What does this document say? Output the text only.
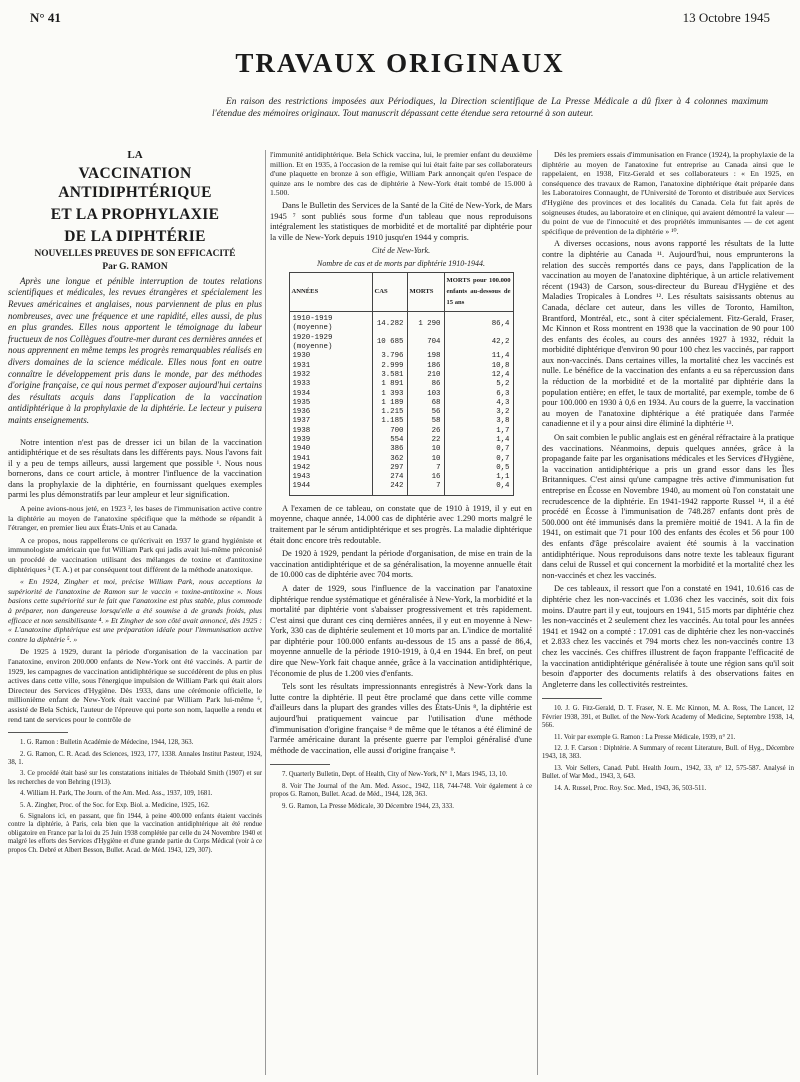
N° 41	13 Octobre 1945
TRAVAUX ORIGINAUX

En raison des restrictions imposées aux Périodiques, la Direction scientifique de La Presse Médicale a dû fixer à 4 colonnes maximum l'étendue des mémoires originaux. Tout manuscrit dépassant cette étendue sera retourné à son auteur.

LA

VACCINATION ANTIDIPHTÉRIQUE

ET LA PROPHYLAXIE

DE LA DIPHTÉRIE

NOUVELLES PREUVES DE SON EFFICACITÉ

Par G. RAMON

Après une longue et pénible interruption de toutes relations scientifiques et médicales, les revues étrangères et spécialement les Revues américaines et anglaises, nous parviennent de plus en plus nombreuses, avec une fréquence et une rapidité, elles aussi, de plus en plus grandes. Elles nous apportent le témoignage du labeur fructueux de nos Collègues d'outre-mer durant ces dernières années et nous apprennent en même temps les progrès remarquables réalisés en divers domaines de la science médicale. Elles nous font en outre connaître le développement pris dans le monde, par des méthodes d'origine française, ce qui nous permet d'exposer aujourd'hui certains des résultats acquis dans l'application de la vaccination antidiphtérique à la prophylaxie de la diphtérie. Le lecteur y puisera maints enseignements.

Notre intention n'est pas de dresser ici un bilan de la vaccination antidiphtérique et de ses résultats dans les différents pays. Nous l'avons fait il y a peu de temps ailleurs, aussi largement que possible ¹. Nous nous bornerons, dans ce court article, à montrer l'influence de la vaccination dans la prophylaxie de la diphtérie, en fournissant quelques exemples parmi les plus démonstratifs par leur ampleur et leur signification.

A peine avions-nous jeté, en 1923 ², les bases de l'immunisation active contre la diphtérie au moyen de l'anatoxine spécifique que la méthode se répandit à l'étranger, en premier lieu aux États-Unis et au Canada.

A ce propos, nous rappellerons ce qu'écrivait en 1937 le grand hygiéniste et immunologiste américain que fut William Park qui jadis avait lui-même préconisé un procédé de vaccination utilisant des mélanges de toxine et d'antitoxine diphtériques ³ (T. A.) et par conséquent tout différent de la méthode anatoxique.

« En 1924, Zingher et moi, précise William Park, nous acceptions la supériorité de l'anatoxine de Ramon sur le vaccin « toxine-antitoxine ». Nous basions cette supériorité sur le fait que l'anatoxine est plus stable, plus commode à préparer, non dangereuse lorsqu'elle a été soumise à de grands froids, plus efficace et non sensibilisante ⁴. » Et Zingher de son côté avait annoncé, dès 1925 : « L'anatoxine diphtérique est une préparation idéale pour l'immunisation active contre la diphtérie ⁵. »

De 1925 à 1929, durant la période d'organisation de la vaccination par l'anatoxine, environ 200.000 enfants de New-York ont été vaccinés. A partir de 1929, les campagnes de vaccination antidiphtérique se succédèrent de plus en plus actives dans cette ville, sous l'énergique impulsion de William Park qui était alors Directeur des Services d'Hygiène. Dès 1933, dans une cérémonie officielle, le millionième enfant de New-York était vacciné par William Park lui-même ⁶, assisté de Bela Schick, l'auteur de l'épreuve qui porte son nom, laquelle a rendu et rend tant de services pour le contrôle de

1. G. Ramon : Bulletin Académie de Médecine, 1944, 128, 363.

2. G. Ramon, C. R. Acad. des Sciences, 1923, 177, 1338. Annales Institut Pasteur, 1924, 38, 1.

3. Ce procédé était basé sur les constatations initiales de Théobald Smith (1907) et sur les recherches de von Behring (1913).

4. William H. Park, The Journ. of the Am. Med. Ass., 1937, 109, 1681.

5. A. Zingher, Proc. of the Soc. for Exp. Biol. a. Medicine, 1925, 162.

6. Signalons ici, en passant, que fin 1944, à peine 400.000 enfants étaient vaccinés contre la diphtérie, à Paris, cela bien que la vaccination antidiphtérique ait été rendue obligatoire en France par la loi du 25 Juin 1938 complétée par celle du 24 Novembre 1940 et malgré les efforts des Services d'Hygiène et d'une grande partie du Corps Médical (voir à ce propos Ch. Debré et Albert Besson, Bullet. Acad. de Méd. 1943, 129, 307).

l'immunité antidiphtérique. Bela Schick vaccina, lui, le premier enfant du deuxième million. Et en 1935, à l'occasion de la remise qui lui était faite par ses collaborateurs d'une plaquette en bronze à son effigie, William Park annonçait qu'en l'espace de quinze ans le nombre des cas de diphtérie à New-York était tombé de 15.000 à 1.500.

Dans le Bulletin des Services de la Santé de la Cité de New-York, de Mars 1945 ⁷ sont publiés sous forme d'un tableau que nous reproduisons intégralement les statistiques de morbidité et de mortalité par diphtérie pour la ville de New-York depuis 1910 jusqu'en 1944 y compris.

Cité de New-York.

Nombre de cas et de morts par diphtérie 1910-1944.

ANNÉES	CAS	MORTS	MORTS pour 100.000 enfants au-dessous de 15 ans
1910-1919 (moyenne)	14.282	1 290	86,4
1920-1929 (moyenne)	10 685	704	42,2
1930	3.796	198	11,4
1931	2.999	186	10,8
1932	3.581	210	12,4
1933	1 891	86	5,2
1934	1 393	103	6,3
1935	1 189	68	4,3
1936	1.215	56	3,2
1937	1.185	58	3,8
1938	700	26	1,7
1939	554	22	1,4
1940	386	10	0,7
1941	362	10	0,7
1942	297	7	0,5
1943	274	16	1,1
1944	242	7	0,4

A l'examen de ce tableau, on constate que de 1910 à 1919, il y eut en moyenne, chaque année, 14.000 cas de diphtérie avec 1.290 morts malgré le traitement par le sérum antidiphtérique et ses progrès. La maladie diphtérique était donc encore très redoutable.

De 1920 à 1929, pendant la période d'organisation, de mise en train de la vaccination antidiphtérique et de sa généralisation, la moyenne annuelle était de 10.000 cas de diphtérie avec 704 morts.

A dater de 1929, sous l'influence de la vaccination par l'anatoxine diphtérique rendue systématique et généralisée à New-York, la morbidité et la mortalité par diphtérie vont s'abaisser progressivement et très rapidement. C'est ainsi que durant ces cinq dernières années, il y eut en moyenne à New-York, 330 cas de diphtérie seulement et 10 morts par an. L'indice de mortalité par diphtérie pour 100.000 enfants au-dessous de 15 ans a passé de 86,4, moyenne annuelle de la période 1910-1919, à 0,4 en 1944. En bref, on peut dire que New-York fait chaque année, grâce à la vaccination antidiphtérique, l'économie de plus de 1.200 vies d'enfants.

Tels sont les résultats impressionnants enregistrés à New-York dans la lutte contre la diphtérie. Il peut être proclamé que dans cette ville comme d'ailleurs dans la plupart des grandes villes des États-Unis ⁸, la diphtérie est aujourd'hui pratiquement vaincue par l'utilisation d'une méthode d'immunisation d'origine française ⁸ de même que le tétanos a été éliminé de l'armée américaine durant la présente guerre par l'emploi généralisé d'une méthode de vaccination, elle aussi d'origine française ⁹.

7. Quarterly Bulletin, Dept. of Health, City of New-York, N° 1, Mars 1945, 13, 10.

8. Voir The Journal of the Am. Med. Assoc., 1942, 118, 744-748. Voir également à ce propos G. Ramon, Bullet. Acad. de Méd., 1944, 128, 363.

9. G. Ramon, La Presse Médicale, 30 Décembre 1944, 23, 333.

Dès les premiers essais d'immunisation en France (1924), la prophylaxie de la diphtérie au moyen de l'anatoxine fut entreprise au Canada ainsi que le rappelaient, en 1938, Fitz-Gerald et ses collaborateurs : « En 1925, en conséquence des travaux de Ramon, l'anatoxine diphtérique était préparée dans les Laboratoires Connaught, de l'Université de Toronto et distribuée aux Services d'Hygiène des provinces et des localités du Canada. Cela fut fait après de soigneuses études, au laboratoire et en clinique, qui avaient démontré la valeur — du point de vue de l'innocuité et des propriétés immunisantes — de cet agent spécifique de prévention de la diphtérie » ¹⁰.

A diverses occasions, nous avons rapporté les résultats de la lutte contre la diphtérie au Canada ¹¹. Aujourd'hui, nous emprunterons la relation des succès remportés dans ce pays, dans l'application de la vaccination au moyen de l'anatoxine diphtérique, à un article relativement récent (1943) de Carson, sous-directeur du Bureau d'Hygiène et des Maladies Tropicales à Londres ¹². Les résultats saisissants obtenus au Canada, déclare cet auteur, dans les villes de Toronto, Hamilton, Brantford, Montréal, etc., sont à citer spécialement. Fitz-Gerald, Fraser, Mc Kinnon et Ross montrent en 1938 que la vaccination de 90 pour 100 des enfants des écoles, au cours des années 1927 à 1932, réduit la morbidité diphtérique d'environ 90 pour 100 chez les vaccinés, par rapport aux non-vaccinés. Dans certaines villes, la mortalité chez les vaccinés est nulle. Le bénéfice de la vaccination des enfants a eu sa répercussion dans la réduction de la morbidité et de la mortalité par diphtérie dans la population entière; en effet, le taux de mortalité, par exemple, tombe de 6 pour 100.000 en 1930 à 0,6 en 1934. Au cours de la guerre, la vaccination au moyen de l'anatoxine diphtérique a été pratiquée dans l'armée canadienne et il y a pour ainsi dire éliminé la diphtérie ¹³.

On sait combien le public anglais est en général réfractaire à la pratique des vaccinations. Néanmoins, depuis quelques années, grâce à la propagande faite par les organisations médicales et les Services d'Hygiène, la vaccination antidiphtérique a pris un grand essor dans les Îles Britanniques. C'est ainsi qu'une campagne très active d'immunisation fut entreprise en Écosse en Novembre 1940, au moment où l'on constatait une recrudescence de la diphtérie. En 1941-1942 rapporte Russel ¹⁴, il a été procédé en Écosse à l'immunisation de 748.287 enfants dont près de 500.000 ont été immunisés dans la première moitié de 1941. A la fin de 1941, on estimait que 71 pour 100 des enfants des écoles et 56 pour 100 des enfants d'âge préscolaire avaient été soumis à la vaccination antidiphtérique. Nous reproduisons dans notre texte les tableaux figurant dans celui de Russel et qui concernent la morbidité et la mortalité chez les non-vaccinés et chez les vaccinés.

De ces tableaux, il ressort que l'on a constaté en 1941, 10.616 cas de diphtérie chez les non-vaccinés et 1.036 chez les vaccinés, soit dix fois moins. D'autre part il y eut, toujours en 1941, 515 morts par diphtérie chez les non-vaccinés et 2 seulement chez les vaccinés. Au total pour les années 1941 et 1942 on a compté : 17.091 cas de diphtérie chez les non-vaccinés et 2.833 chez les vaccinés et 794 morts chez les non-vaccinés contre 13 chez les vaccinés. Ces chiffres illustrent de façon frappante l'efficacité de la vaccination antidiphtérique généralisée à toute une région sans qu'il soit besoin d'apporter des documents relatifs à des observations faites en Angleterre dans les collectivités restreintes.

10. J. G. Fitz-Gerald, D. T. Fraser, N. E. Mc Kinnon, M. A. Ross, The Lancet, 12 Février 1938, 391, et Bullet. of the New-York Academy of Medicine, Septembre 1938, 14, 566.

11. Voir par exemple G. Ramon : La Presse Médicale, 1939, n° 21.

12. J. F. Carson : Diphtérie. A Summary of recent Literature, Bull. of Hyg., Décembre 1943, 18, 383.

13. Voir Sellers, Canad. Publ. Health Journ., 1942, 33, n° 12, 575-587. Analysé in Bullet. of War Med., 1943, 3, 643.

14. A. Russel, Proc. Roy. Soc. Med., 1943, 36, 503-511.
